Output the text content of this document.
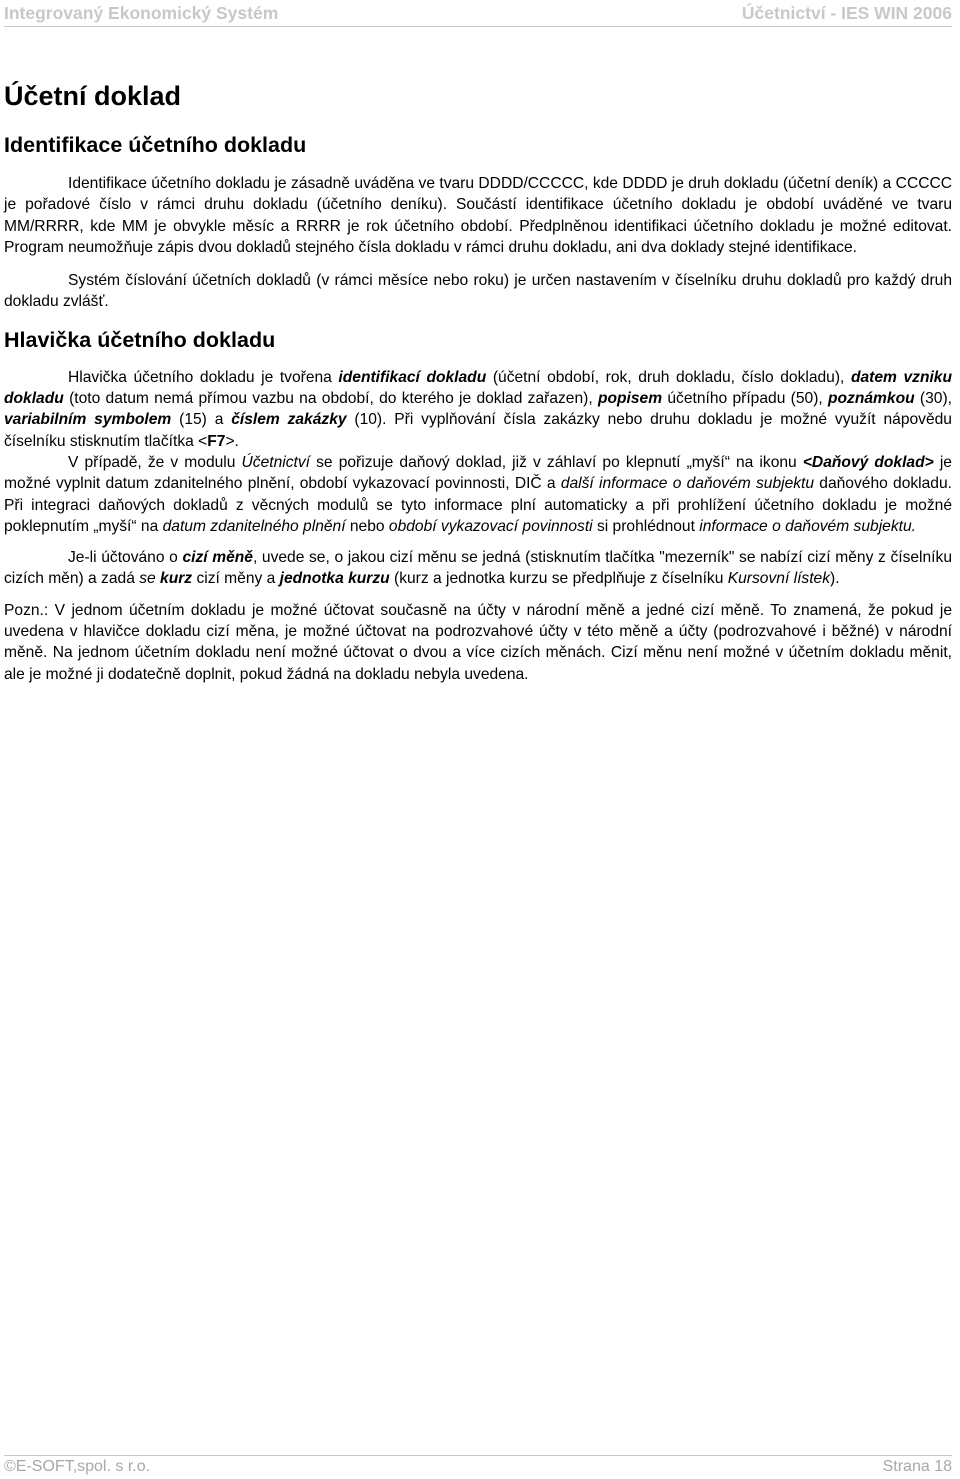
Integrovaný Ekonomický Systém	Účetnictví - IES WIN 2006
Účetní doklad
Identifikace účetního dokladu

Identifikace účetního dokladu je zásadně uváděna ve tvaru DDDD/CCCCC, kde DDDD je druh dokladu (účetní deník) a CCCCC je pořadové číslo v rámci druhu dokladu (účetního deníku). Součástí identifikace účetního dokladu je období uváděné ve tvaru MM/RRRR, kde MM je obvykle měsíc a RRRR je rok účetního období. Předplněnou identifikaci účetního dokladu je možné editovat. Program neumožňuje zápis dvou dokladů stejného čísla dokladu v rámci druhu dokladu, ani dva doklady stejné identifikace.

Systém číslování účetních dokladů (v rámci měsíce nebo roku) je určen nastavením v číselníku druhu dokladů pro každý druh dokladu zvlášť.

Hlavička účetního dokladu

Hlavička účetního dokladu je tvořena identifikací dokladu (účetní období, rok, druh dokladu, číslo dokladu), datem vzniku dokladu (toto datum nemá přímou vazbu na období, do kterého je doklad zařazen), popisem účetního případu (50), poznámkou (30), variabilním symbolem (15) a číslem zakázky (10). Při vyplňování čísla zakázky nebo druhu dokladu je možné využít nápovědu číselníku stisknutím tlačítka <F7>.

V případě, že v modulu Účetnictví se pořizuje daňový doklad, již v záhlaví po klepnutí „myší“ na ikonu <Daňový doklad> je možné vyplnit datum zdanitelného plnění, období vykazovací povinnosti, DIČ a další informace o daňovém subjektu daňového dokladu. Při integraci daňových dokladů z věcných modulů se tyto informace plní automaticky a při prohlížení účetního dokladu je možné poklepnutím „myší“ na datum zdanitelného plnění nebo období vykazovací povinnosti si prohlédnout informace o daňovém subjektu.

Je-li účtováno o cizí měně, uvede se, o jakou cizí měnu se jedná (stisknutím tlačítka "mezerník" se nabízí cizí měny z číselníku cizích měn) a zadá se kurz cizí měny a jednotka kurzu (kurz a jednotka kurzu se předplňuje z číselníku Kursovní lístek).

Pozn.: V jednom účetním dokladu je možné účtovat současně na účty v národní měně a jedné cizí měně. To znamená, že pokud je uvedena v hlavičce dokladu cizí měna, je možné účtovat na podrozvahové účty v této měně a účty (podrozvahové i běžné) v národní měně. Na jednom účetním dokladu není možné účtovat o dvou a více cizích měnách. Cizí měnu není možné v účetním dokladu měnit, ale je možné ji dodatečně doplnit, pokud žádná na dokladu nebyla uvedena.

©E-SOFT,spol. s r.o.	Strana 18
